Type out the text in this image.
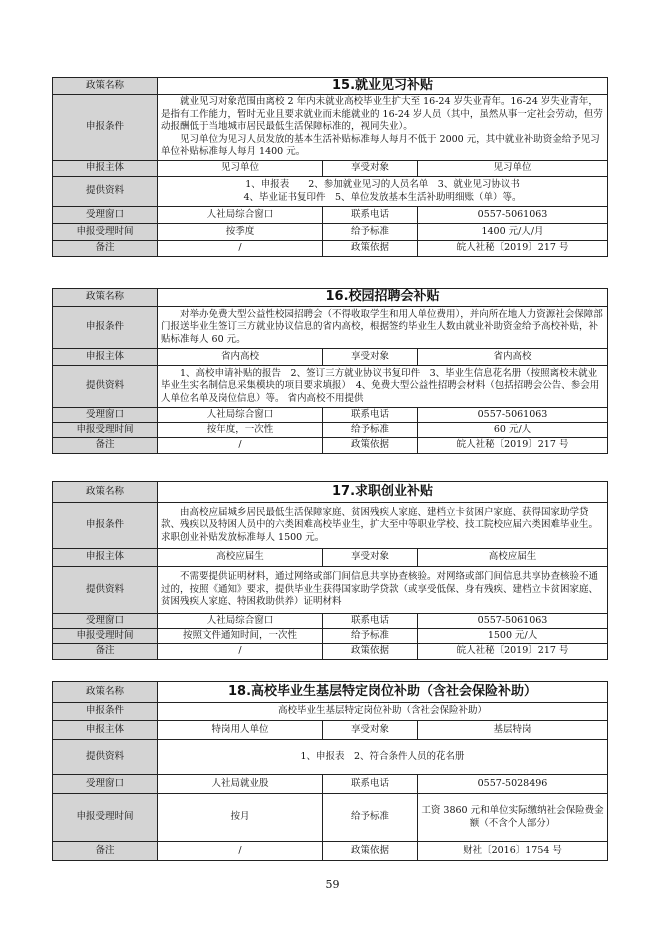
政策名称	15.就业见习补贴		
申报条件	就业见习对象范围由离校 2 年内未就业高校毕业生扩大至 16-24 岁失业青年。16-24 岁失业青年，是指有工作能力，暂时无业且要求就业而未能就业的 16-24 岁人员（其中，虽然从事一定社会劳动，但劳动报酬低于当地城市居民最低生活保障标准的，视同失业）。

见习单位为见习人员发放的基本生活补贴标准每人每月不低于 2000 元，其中就业补助资金给予见习单位补贴标准每人每月 1400 元。		

申报主体	见习单位	享受对象	见习单位
提供资料	1、申报表　　2、参加就业见习的人员名单　3、就业见习协议书
4、毕业证书复印件　5、单位发放基本生活补助明细账（单）等。		

受理窗口	人社局综合窗口	联系电话	0557-5061063
申报受理时间	按季度	给予标准	1400 元/人/月
备注	/	政策依据	皖人社秘〔2019〕217 号
政策名称	16.校园招聘会补贴		
申报条件	对举办免费大型公益性校园招聘会（不得收取学生和用人单位费用），并向所在地人力资源社会保障部门报送毕业生签订三方就业协议信息的省内高校，根据签约毕业生人数由就业补助资金给予高校补贴，补贴标准每人 60 元。		

申报主体	省内高校	享受对象	省内高校
提供资料	1、高校申请补贴的报告　2、签订三方就业协议书复印件　3、毕业生信息花名册（按照离校未就业毕业生实名制信息采集模块的项目要求填报）　4、免费大型公益性招聘会材料（包括招聘会公告、参会用人单位名单及岗位信息）等。 省内高校不用提供		

受理窗口	人社局综合窗口	联系电话	0557-5061063
申报受理时间	按年度，一次性	给予标准	60 元/人
备注	/	政策依据	皖人社秘〔2019〕217 号
政策名称	17.求职创业补贴		
申报条件	由高校应届城乡居民最低生活保障家庭、贫困残疾人家庭、建档立卡贫困户家庭、获得国家助学贷款、残疾以及特困人员中的六类困难高校毕业生，扩大至中等职业学校、技工院校应届六类困难毕业生。求职创业补贴发放标准每人 1500 元。		

申报主体	高校应届生	享受对象	高校应届生
提供资料	不需要提供证明材料，通过网络或部门间信息共享协查核验。对网络或部门间信息共享协查核验不通过的，按照《通知》要求，提供毕业生获得国家助学贷款（或享受低保、身有残疾、建档立卡贫困家庭、贫困残疾人家庭、特困救助供养）证明材料		

受理窗口	人社局综合窗口	联系电话	0557-5061063
申报受理时间	按照文件通知时间，一次性	给予标准	1500 元/人
备注	/	政策依据	皖人社秘〔2019〕217 号
政策名称	18.高校毕业生基层特定岗位补助（含社会保险补助）		
申报条件	高校毕业生基层特定岗位补助（含社会保险补助）		
申报主体	特岗用人单位	享受对象	基层特岗
提供资料	1、申报表　2、符合条件人员的花名册		
受理窗口	人社局就业股	联系电话	0557-5028496
申报受理时间	按月	给予标准	工资 3860 元和单位实际缴纳社会保险费金额（不含个人部分）
备注	/	政策依据	财社〔2016〕1754 号
59
